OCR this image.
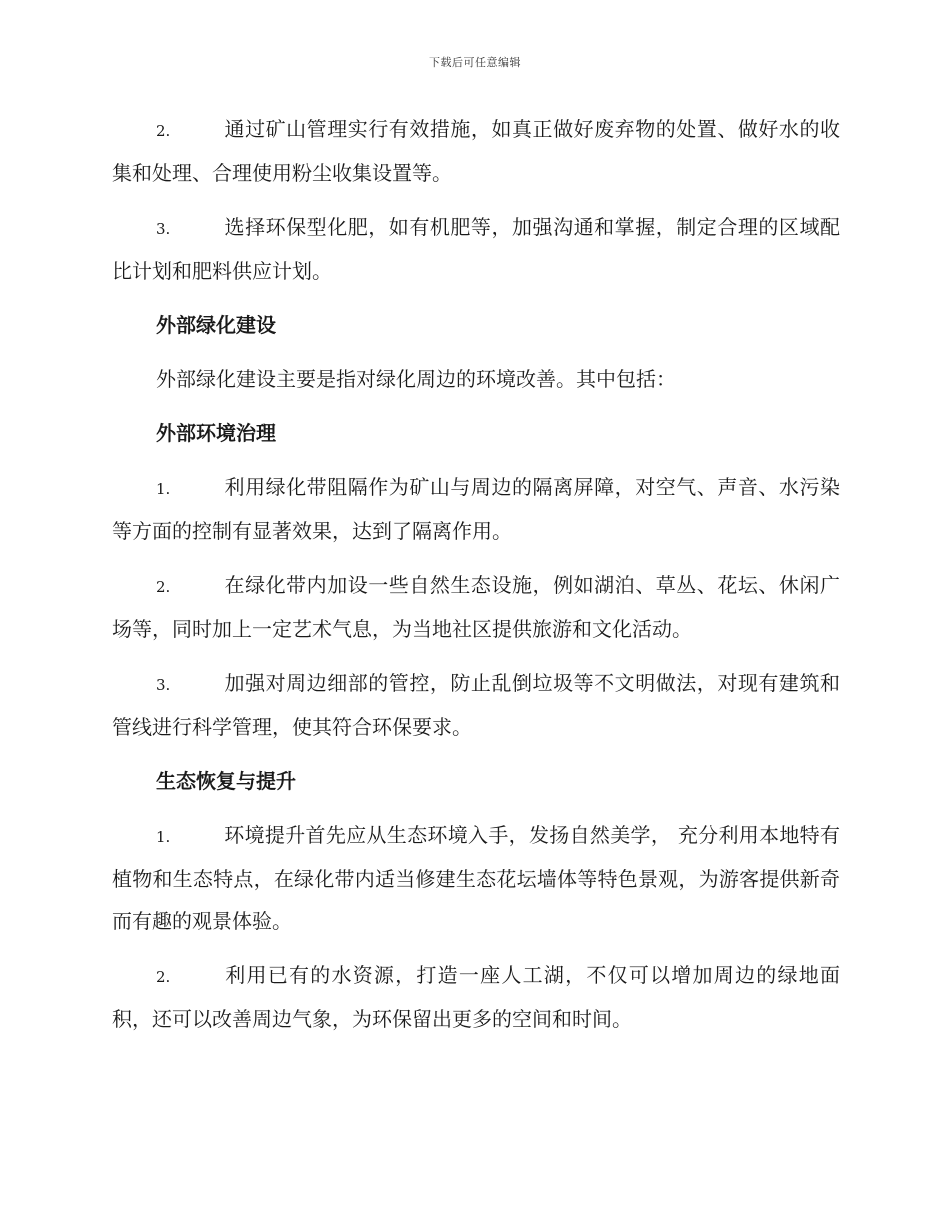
下载后可任意编辑

2.	通过矿山管理实行有效措施，如真正做好废弃物的处置、做好水的收集和处理、合理使用粉尘收集设置等。

3.	选择环保型化肥，如有机肥等，加强沟通和掌握，制定合理的区域配比计划和肥料供应计划。

外部绿化建设

外部绿化建设主要是指对绿化周边的环境改善。其中包括：

外部环境治理

1.	利用绿化带阻隔作为矿山与周边的隔离屏障，对空气、声音、水污染等方面的控制有显著效果，达到了隔离作用。

2.	在绿化带内加设一些自然生态设施，例如湖泊、草丛、花坛、休闲广场等，同时加上一定艺术气息，为当地社区提供旅游和文化活动。

3.	加强对周边细部的管控，防止乱倒垃圾等不文明做法，对现有建筑和管线进行科学管理，使其符合环保要求。

生态恢复与提升

1.	环境提升首先应从生态环境入手，发扬自然美学， 充分利用本地特有植物和生态特点，在绿化带内适当修建生态花坛墙体等特色景观，为游客提供新奇而有趣的观景体验。

2.	利用已有的水资源，打造一座人工湖，不仅可以增加周边的绿地面积，还可以改善周边气象，为环保留出更多的空间和时间。
